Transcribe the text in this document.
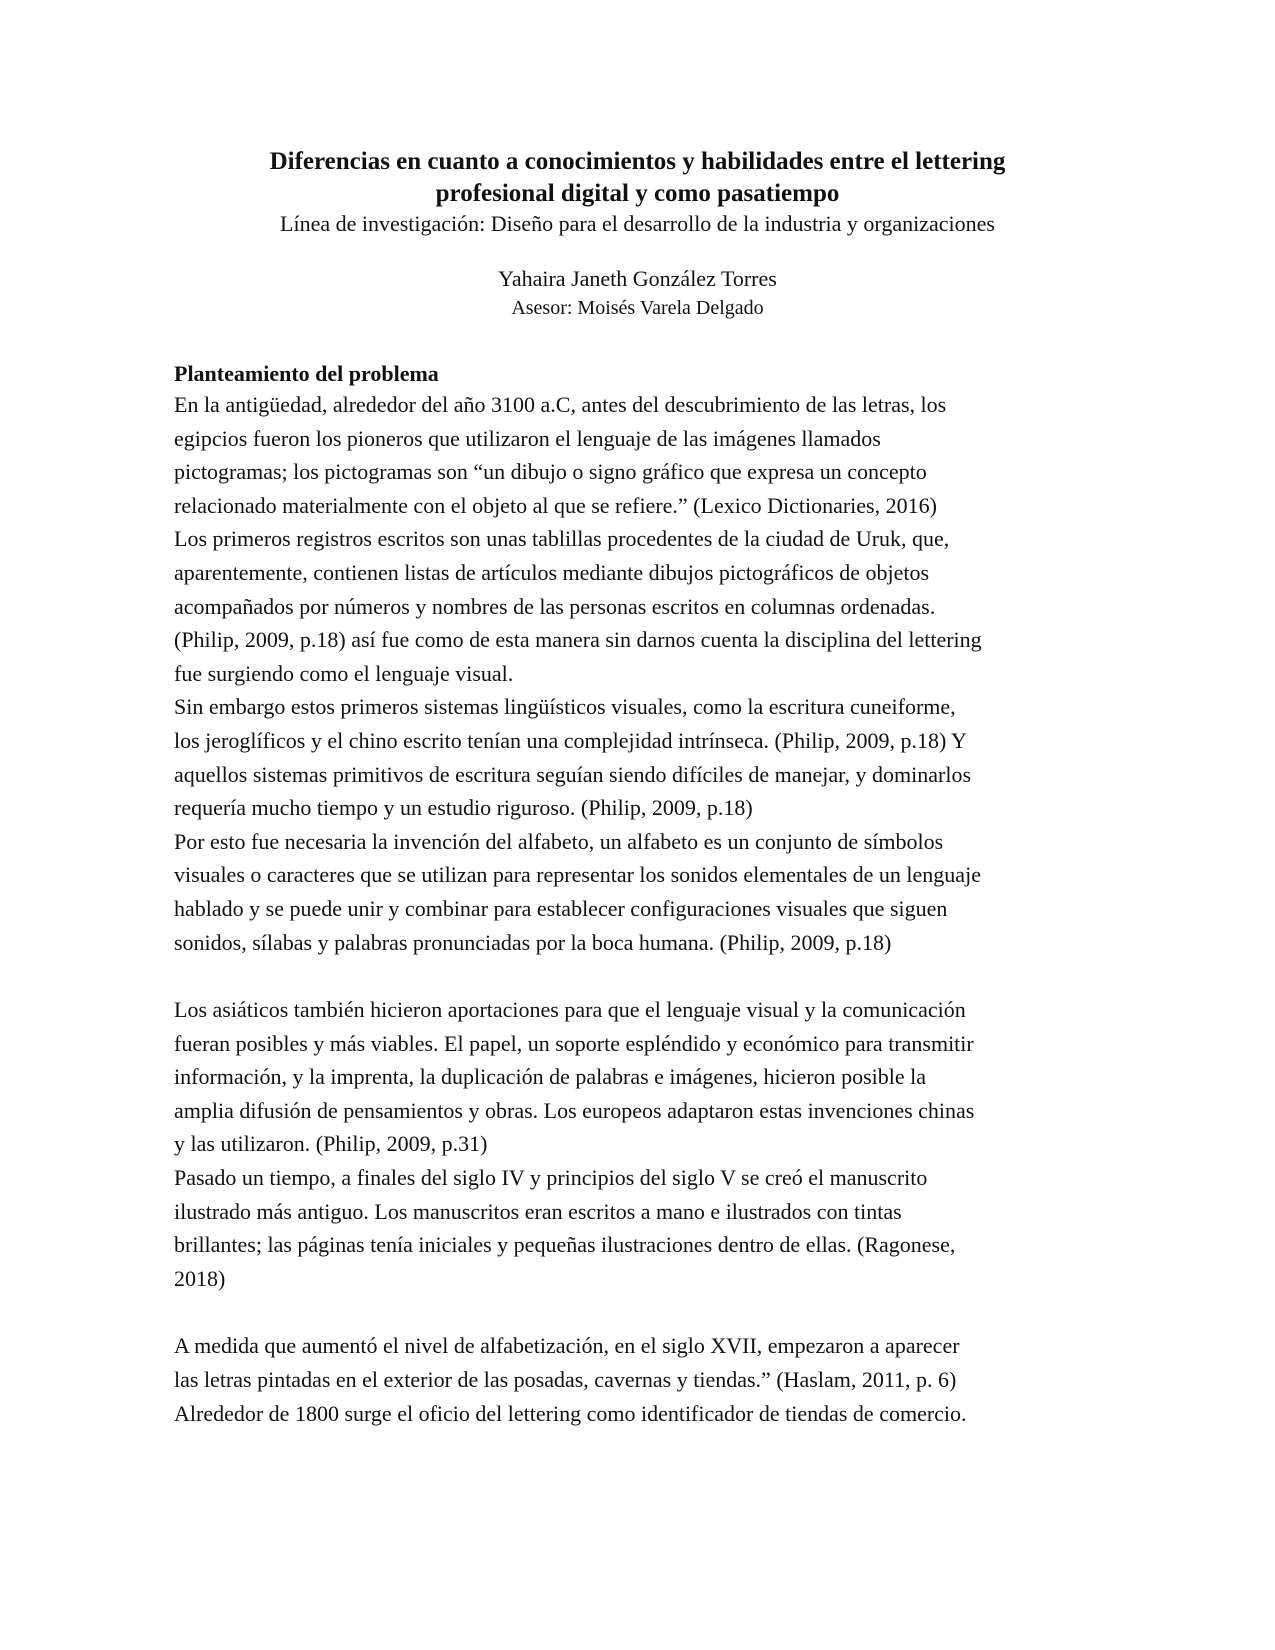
Diferencias en cuanto a conocimientos y habilidades entre el lettering
profesional digital y como pasatiempo

Línea de investigación: Diseño para el desarrollo de la industria y organizaciones

Yahaira Janeth González Torres

Asesor: Moisés Varela Delgado

Planteamiento del problema

En la antigüedad, alrededor del año 3100 a.C, antes del descubrimiento de las letras, los
egipcios fueron los pioneros que utilizaron el lenguaje de las imágenes llamados
pictogramas; los pictogramas son “un dibujo o signo gráfico que expresa un concepto
relacionado materialmente con el objeto al que se refiere.” (Lexico Dictionaries, 2016)

Los primeros registros escritos son unas tablillas procedentes de la ciudad de Uruk, que,
aparentemente, contienen listas de artículos mediante dibujos pictográficos de objetos
acompañados por números y nombres de las personas escritos en columnas ordenadas.
(Philip, 2009, p.18) así fue como de esta manera sin darnos cuenta la disciplina del lettering
fue surgiendo como el lenguaje visual.

Sin embargo estos primeros sistemas lingüísticos visuales, como la escritura cuneiforme,
los jeroglíficos y el chino escrito tenían una complejidad intrínseca. (Philip, 2009, p.18) Y
aquellos sistemas primitivos de escritura seguían siendo difíciles de manejar, y dominarlos
requería mucho tiempo y un estudio riguroso. (Philip, 2009, p.18)

Por esto fue necesaria la invención del alfabeto, un alfabeto es un conjunto de símbolos
visuales o caracteres que se utilizan para representar los sonidos elementales de un lenguaje
hablado y se puede unir y combinar para establecer configuraciones visuales que siguen
sonidos, sílabas y palabras pronunciadas por la boca humana. (Philip, 2009, p.18)

Los asiáticos también hicieron aportaciones para que el lenguaje visual y la comunicación
fueran posibles y más viables. El papel, un soporte espléndido y económico para transmitir
información, y la imprenta, la duplicación de palabras e imágenes, hicieron posible la
amplia difusión de pensamientos y obras. Los europeos adaptaron estas invenciones chinas
y las utilizaron. (Philip, 2009, p.31)

Pasado un tiempo, a finales del siglo IV y principios del siglo V se creó el manuscrito
ilustrado más antiguo. Los manuscritos eran escritos a mano e ilustrados con tintas
brillantes; las páginas tenía iniciales y pequeñas ilustraciones dentro de ellas. (Ragonese,
2018)

A medida que aumentó el nivel de alfabetización, en el siglo XVII, empezaron a aparecer
las letras pintadas en el exterior de las posadas, cavernas y tiendas.” (Haslam, 2011, p. 6)
Alrededor de 1800 surge el oficio del lettering como identificador de tiendas de comercio.
